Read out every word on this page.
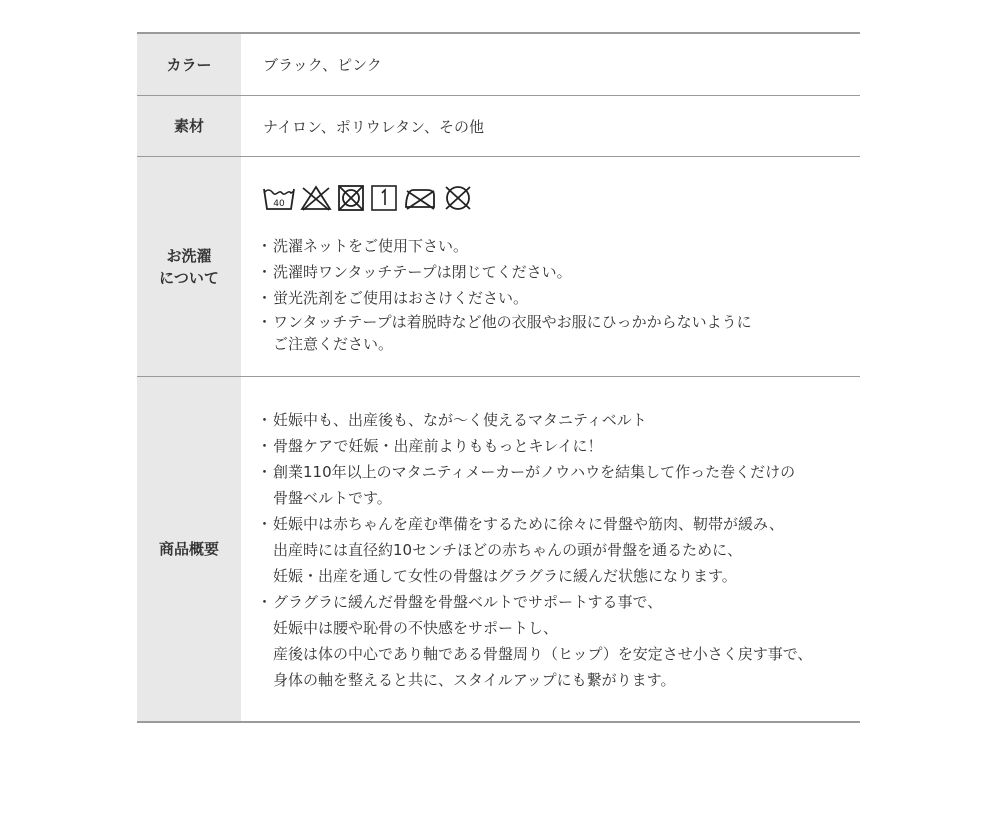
カラー	ブラック、ピンク
素材	ナイロン、ポリウレタン、その他
お洗濯
について
40
・ 洗濯ネットをご使用下さい。
・ 洗濯時ワンタッチテープは閉じてください。
・ 蛍光洗剤をご使用はおさけください。
・ ワンタッチテープは着脱時など他の衣服やお服にひっかからないように
ご注意ください。
商品概要
・ 妊娠中も、出産後も、なが〜く使えるマタニティベルト
・ 骨盤ケアで妊娠・出産前よりももっとキレイに！
・ 創業110年以上のマタニティメーカーがノウハウを結集して作った巻くだけの
骨盤ベルトです。
・ 妊娠中は赤ちゃんを産む準備をするために徐々に骨盤や筋肉、靭帯が緩み、
出産時には直径約10センチほどの赤ちゃんの頭が骨盤を通るために、
妊娠・出産を通して女性の骨盤はグラグラに緩んだ状態になります。
・ グラグラに緩んだ骨盤を骨盤ベルトでサポートする事で、
妊娠中は腰や恥骨の不快感をサポートし、
産後は体の中心であり軸である骨盤周り（ヒップ）を安定させ小さく戻す事で、
身体の軸を整えると共に、スタイルアップにも繋がります。
